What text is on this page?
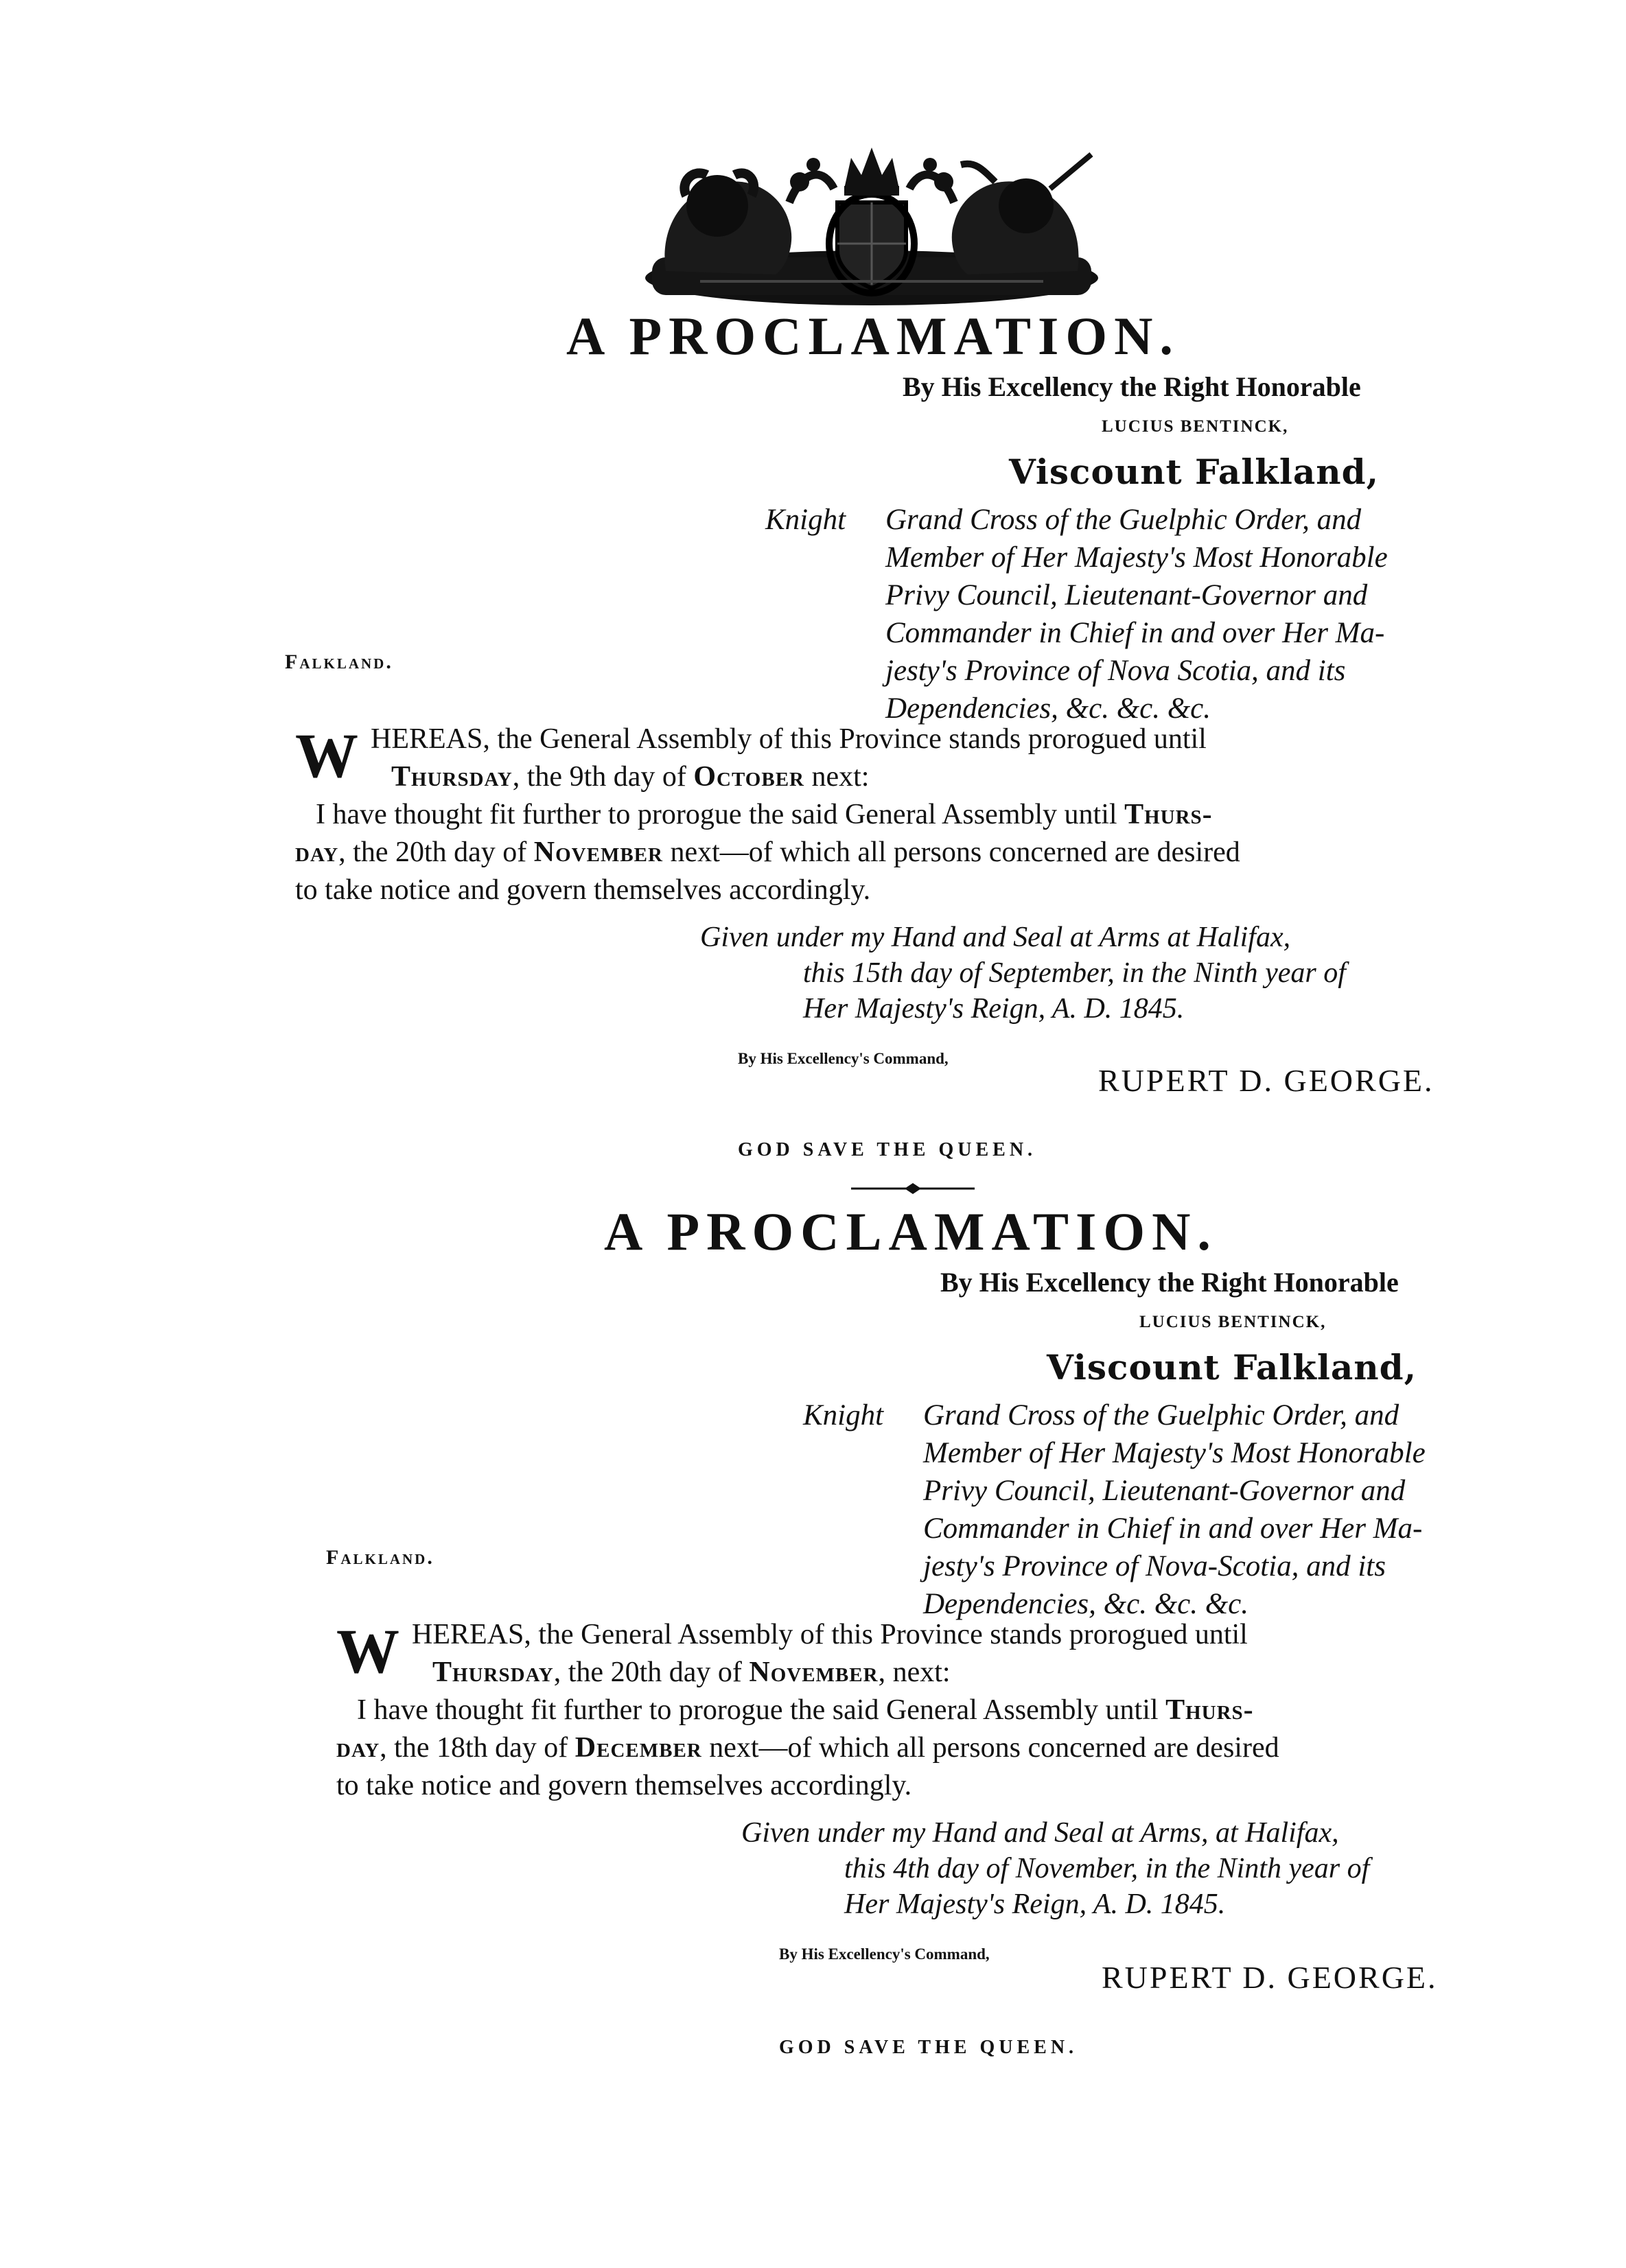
A PROCLAMATION.
By His Excellency the Right Honorable
LUCIUS BENTINCK,
Viscount Falkland,
Knight Grand Cross of the Guelphic Order, and
Member of Her Majesty's Most Honorable
Privy Council, Lieutenant-Governor and
Commander in Chief in and over Her Ma-
jesty's Province of Nova Scotia, and its
Dependencies, &c. &c. &c.
Falkland.
W HEREAS, the General Assembly of this Province stands prorogued until
Thursday, the 9th day of October next:
I have thought fit further to prorogue the said General Assembly until Thurs-
day, the 20th day of November next—of which all persons concerned are desired
to take notice and govern themselves accordingly.
Given under my Hand and Seal at Arms at Halifax,
this 15th day of September, in the Ninth year of
Her Majesty's Reign, A. D. 1845.
By His Excellency's Command,
RUPERT D. GEORGE.
GOD SAVE THE QUEEN.
A PROCLAMATION.
By His Excellency the Right Honorable
LUCIUS BENTINCK,
Viscount Falkland,
Knight Grand Cross of the Guelphic Order, and
Member of Her Majesty's Most Honorable
Privy Council, Lieutenant-Governor and
Commander in Chief in and over Her Ma-
jesty's Province of Nova-Scotia, and its
Dependencies, &c. &c. &c.
Falkland.
W HEREAS, the General Assembly of this Province stands prorogued until
Thursday, the 20th day of November, next:
I have thought fit further to prorogue the said General Assembly until Thurs-
day, the 18th day of December next—of which all persons concerned are desired
to take notice and govern themselves accordingly.
Given under my Hand and Seal at Arms, at Halifax,
this 4th day of November, in the Ninth year of
Her Majesty's Reign, A. D. 1845.
By His Excellency's Command,
RUPERT D. GEORGE.
GOD SAVE THE QUEEN.
